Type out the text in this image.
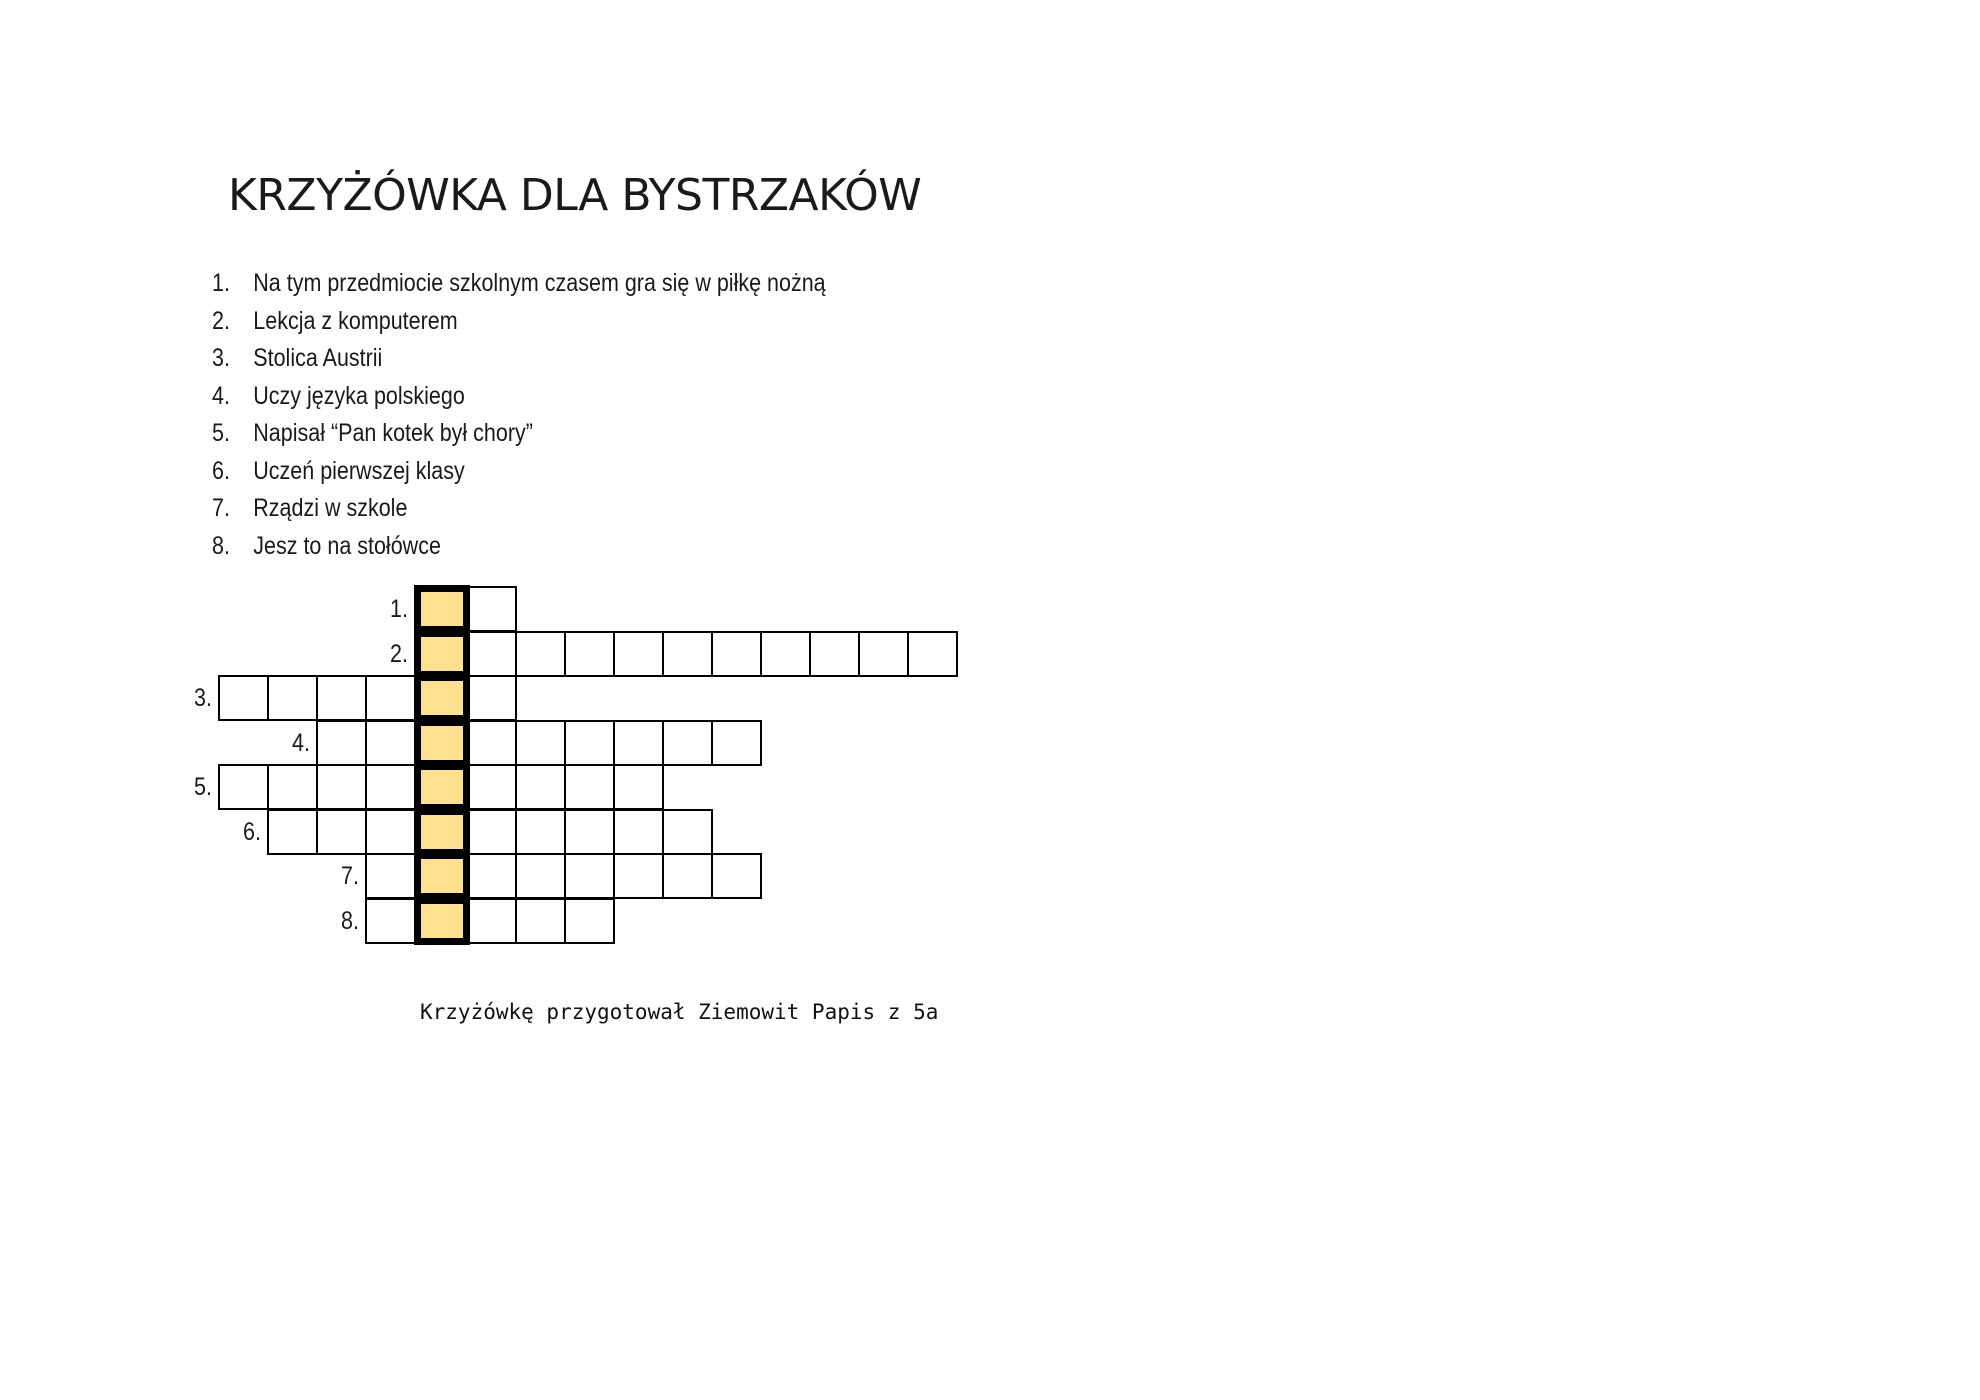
KRZYŻÓWKA DLA BYSTRZAKÓW
1. Na tym przedmiocie szkolnym czasem gra się w piłkę nożną
2. Lekcja z komputerem
3. Stolica Austrii
4. Uczy języka polskiego
5. Napisał “Pan kotek był chory”
6. Uczeń pierwszej klasy
7. Rządzi w szkole
8. Jesz to na stołówce
1.
2.
3.
4.
5.
6.
7.
8.
Krzyżówkę przygotował Ziemowit Papis z 5a
